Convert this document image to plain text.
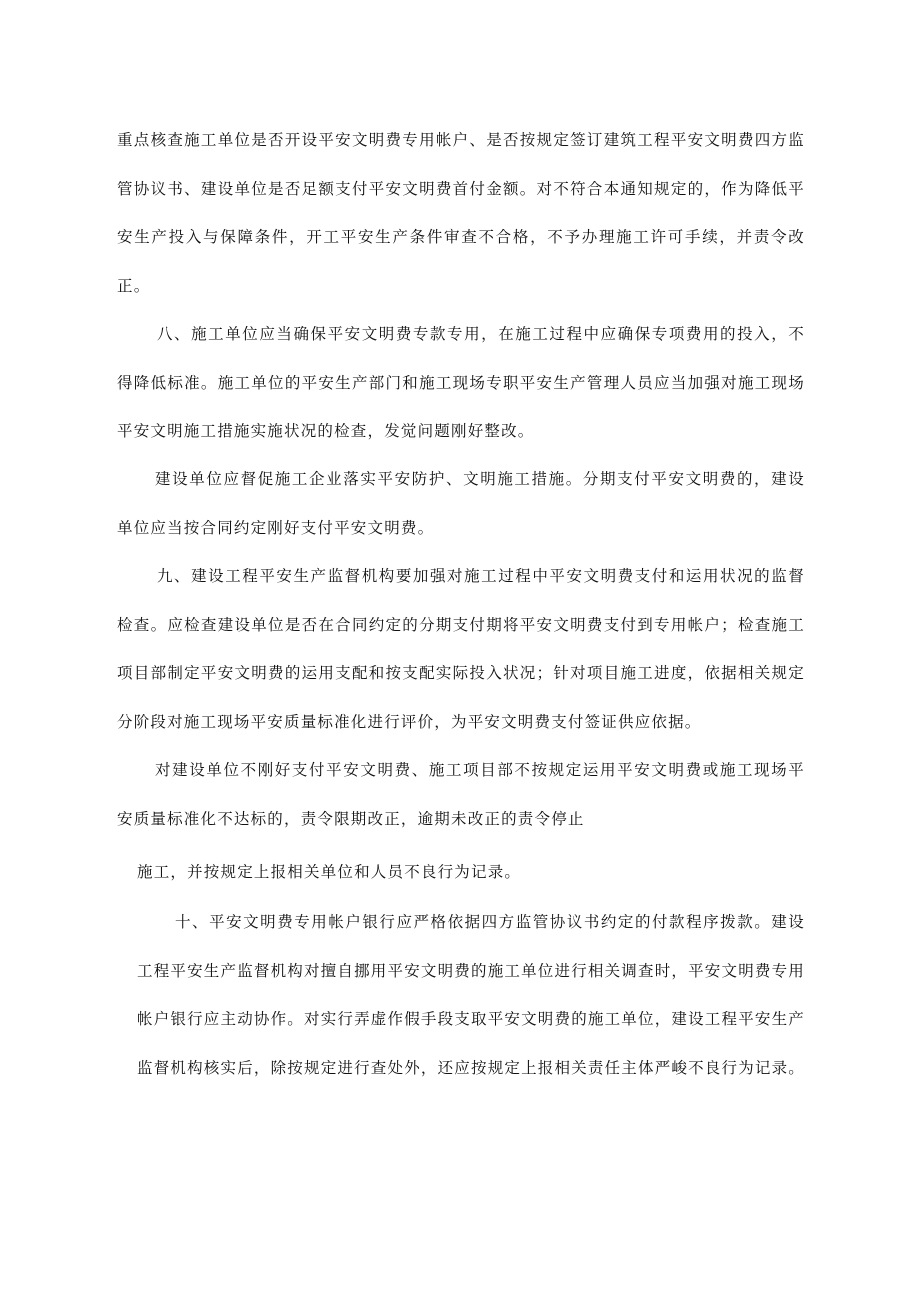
重点核查施工单位是否开设平安文明费专用帐户、是否按规定签订建筑工程平安文明费四方监管协议书、建设单位是否足额支付平安文明费首付金额。对不符合本通知规定的，作为降低平安生产投入与保障条件，开工平安生产条件审查不合格，不予办理施工许可手续，并责令改正。

八、施工单位应当确保平安文明费专款专用，在施工过程中应确保专项费用的投入，不得降低标准。施工单位的平安生产部门和施工现场专职平安生产管理人员应当加强对施工现场平安文明施工措施实施状况的检查，发觉问题刚好整改。

建设单位应督促施工企业落实平安防护、文明施工措施。分期支付平安文明费的，建设单位应当按合同约定刚好支付平安文明费。

九、建设工程平安生产监督机构要加强对施工过程中平安文明费支付和运用状况的监督检查。应检查建设单位是否在合同约定的分期支付期将平安文明费支付到专用帐户；检查施工项目部制定平安文明费的运用支配和按支配实际投入状况；针对项目施工进度，依据相关规定分阶段对施工现场平安质量标准化进行评价，为平安文明费支付签证供应依据。

对建设单位不刚好支付平安文明费、施工项目部不按规定运用平安文明费或施工现场平安质量标准化不达标的，责令限期改正，逾期未改正的责令停止

施工，并按规定上报相关单位和人员不良行为记录。

十、平安文明费专用帐户银行应严格依据四方监管协议书约定的付款程序拨款。建设工程平安生产监督机构对擅自挪用平安文明费的施工单位进行相关调查时，平安文明费专用帐户银行应主动协作。对实行弄虚作假手段支取平安文明费的施工单位，建设工程平安生产监督机构核实后，除按规定进行查处外，还应按规定上报相关责任主体严峻不良行为记录。
